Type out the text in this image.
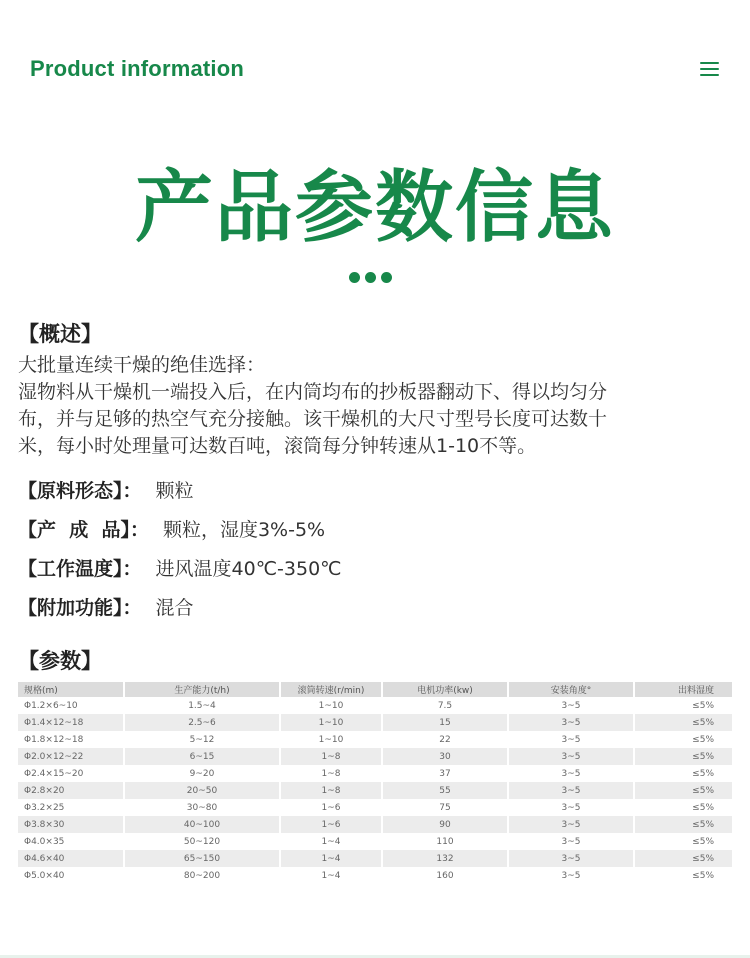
Product information
产品参数信息
【概述】

大批量连续干燥的绝佳选择：

湿物料从干燥机一端投入后，在内筒均布的抄板器翻动下、得以均匀分

布，并与足够的热空气充分接触。该干燥机的大尺寸型号长度可达数十

米，每小时处理量可达数百吨，滚筒每分钟转速从1-10不等。

【原料形态】： 颗粒
【产  成  品】： 颗粒，湿度3%-5%
【工作温度】： 进风温度40℃-350℃
【附加功能】： 混合
【参数】
规格(m)	生产能力(t/h)	滚筒转速(r/min)	电机功率(kw)	安装角度°	出料湿度
Φ1.2×6~10	1.5~4	1~10	7.5	3~5	≤5%
Φ1.4×12~18	2.5~6	1~10	15	3~5	≤5%
Φ1.8×12~18	5~12	1~10	22	3~5	≤5%
Φ2.0×12~22	6~15	1~8	30	3~5	≤5%
Φ2.4×15~20	9~20	1~8	37	3~5	≤5%
Φ2.8×20	20~50	1~8	55	3~5	≤5%
Φ3.2×25	30~80	1~6	75	3~5	≤5%
Φ3.8×30	40~100	1~6	90	3~5	≤5%
Φ4.0×35	50~120	1~4	110	3~5	≤5%
Φ4.6×40	65~150	1~4	132	3~5	≤5%
Φ5.0×40	80~200	1~4	160	3~5	≤5%
